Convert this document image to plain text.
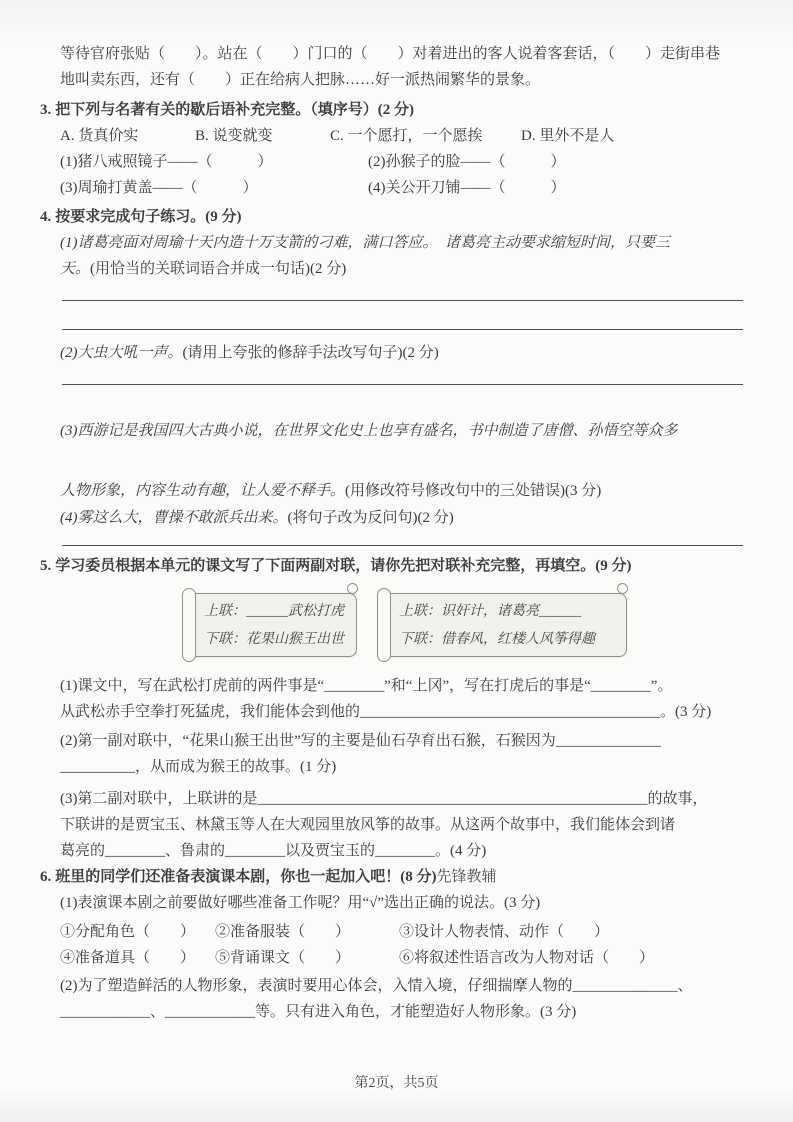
等待官府张贴（　　）。站在（　　）门口的（　　）对着进出的客人说着客套话，（　　）走街串巷
地叫卖东西，还有（　　）正在给病人把脉……好一派热闹繁华的景象。
3. 把下列与名著有关的歇后语补充完整。（填序号）(2 分)
A. 货真价实	B. 说变就变	C. 一个愿打，一个愿挨	D. 里外不是人
(1)猪八戒照镜子——（　　　）	(2)孙猴子的脸——（　　　）
(3)周瑜打黄盖——（　　　）	(4)关公开刀铺——（　　　）
4. 按要求完成句子练习。(9 分)
(1)诸葛亮面对周瑜十天内造十万支箭的刁难，满口答应。　诸葛亮主动要求缩短时间，只要三
天。(用恰当的关联词语合并成一句话)(2 分)
(2)大虫大吼一声。(请用上夸张的修辞手法改写句子)(2 分)
(3)西游记是我国四大古典小说，在世界文化史上也享有盛名，书中制造了唐僧、孙悟空等众多
人物形象，内容生动有趣，让人爱不释手。(用修改符号修改句中的三处错误)(3 分)
(4)雾这么大，曹操不敢派兵出来。(将句子改为反问句)(2 分)
5. 学习委员根据本单元的课文写了下面两副对联，请你先把对联补充完整，再填空。(9 分)
上联：______武松打虎
下联：花果山猴王出世
上联：识奸计，诸葛亮______
下联：借春风，红楼人风筝得趣
(1)课文中，写在武松打虎前的两件事是“________”和“上冈”，写在打虎后的事是“________”。
从武松赤手空拳打死猛虎，我们能体会到他的________________________________________。(3 分)
(2)第一副对联中，“花果山猴王出世”写的主要是仙石孕育出石猴，石猴因为______________
__________，从而成为猴王的故事。(1 分)
(3)第二副对联中，上联讲的是____________________________________________________的故事，
下联讲的是贾宝玉、林黛玉等人在大观园里放风筝的故事。从这两个故事中，我们能体会到诸
葛亮的________、鲁肃的________以及贾宝玉的________。(4 分)
6. 班里的同学们还准备表演课本剧，你也一起加入吧！(8 分)先锋教辅
(1)表演课本剧之前要做好哪些准备工作呢？用“√”选出正确的说法。(3 分)
①分配角色（　　） ②准备服装（　　）	③设计人物表情、动作（　　）
④准备道具（　　） ⑤背诵课文（　　）	⑥将叙述性语言改为人物对话（　　）
(2)为了塑造鲜活的人物形象，表演时要用心体会，入情入境，仔细揣摩人物的______________、
____________、____________等。只有进入角色，才能塑造好人物形象。(3 分)
第2页，共5页
